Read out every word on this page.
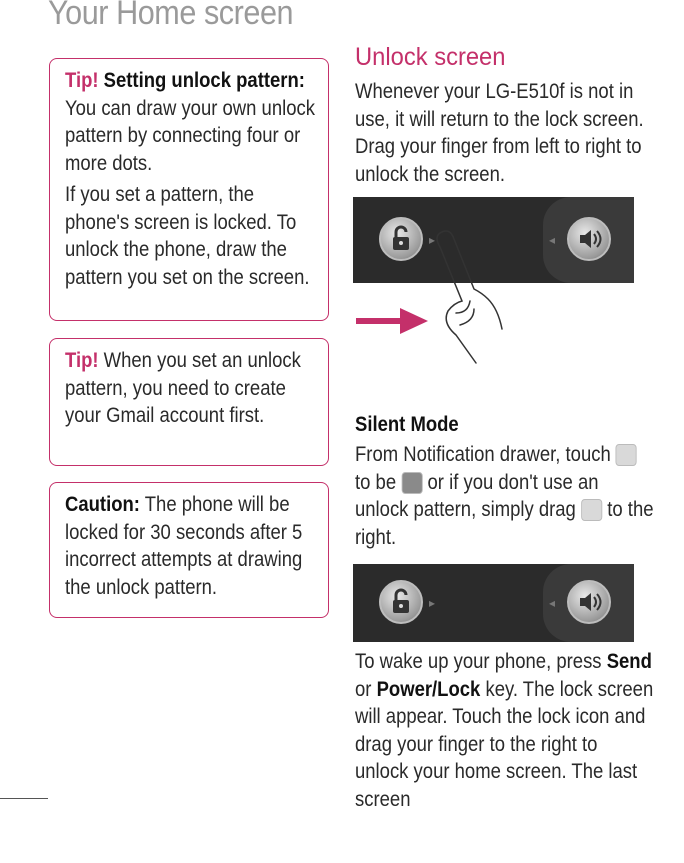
Your Home screen

Tip! Setting unlock pattern:
You can draw your own unlock pattern by connecting four or more dots.

If you set a pattern, the phone's screen is locked. To unlock the phone, draw the pattern you set on the screen.

Tip! When you set an unlock pattern, you need to create your Gmail account first.

Caution: The phone will be locked for 30 seconds after 5 incorrect attempts at drawing the unlock pattern.

Unlock screen

Whenever your LG-E510f is not in use, it will return to the lock screen. Drag your finger from left to right to unlock the screen.

▸	◂
Silent Mode

From Notification drawer, touch  to be or if you don't use an unlock pattern, simply drag to the right.

▸	◂

To wake up your phone, press Send or Power/Lock key. The lock screen will appear. Touch the lock icon and drag your finger to the right to unlock your home screen. The last screen
